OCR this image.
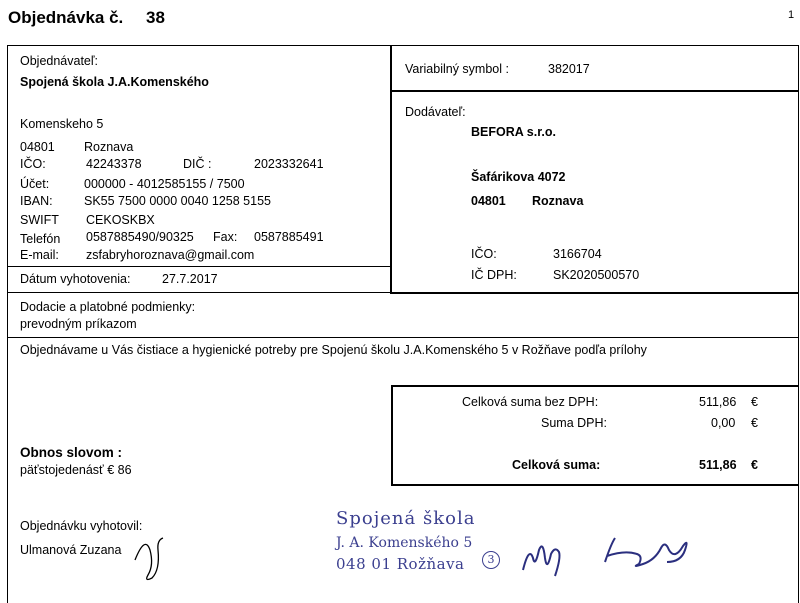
Objednávka č. 38	1
Objednávateľ:
Spojená škola J.A.Komenského
Komenskeho 5
04801 Roznava
IČO:	42243378	DIČ :	2023332641
Účet:	000000 - 4012585155 / 7500
IBAN:	SK55 7500 0000 0040 1258 5155
SWIFT CEKOSKBX
Telefón 0587885490/90325 Fax: 0587885491
E-mail: zsfabryhoroznava@gmail.com
Dátum vyhotovenia:	27.7.2017
Variabilný symbol :	382017
Dodávateľ:
BEFORA s.r.o.
Šafárikova 4072
04801 Roznava
IČO:	3166704
IČ DPH:	SK2020500570
Dodacie a platobné podmienky:
prevodným príkazom
Objednávame u Vás čistiace a hygienické potreby pre Spojenú školu J.A.Komenského 5 v Rožňave podľa prílohy
Celková suma bez DPH:	511,86 €
Suma DPH:	0,00 €
Celková suma:	511,86 €
Obnos slovom :
päťstojedenásť € 86
Objednávku vyhotovil:
Ulmanová Zuzana
Spojená škola
J. A. Komenského 5
048 01 Rožňava	3
